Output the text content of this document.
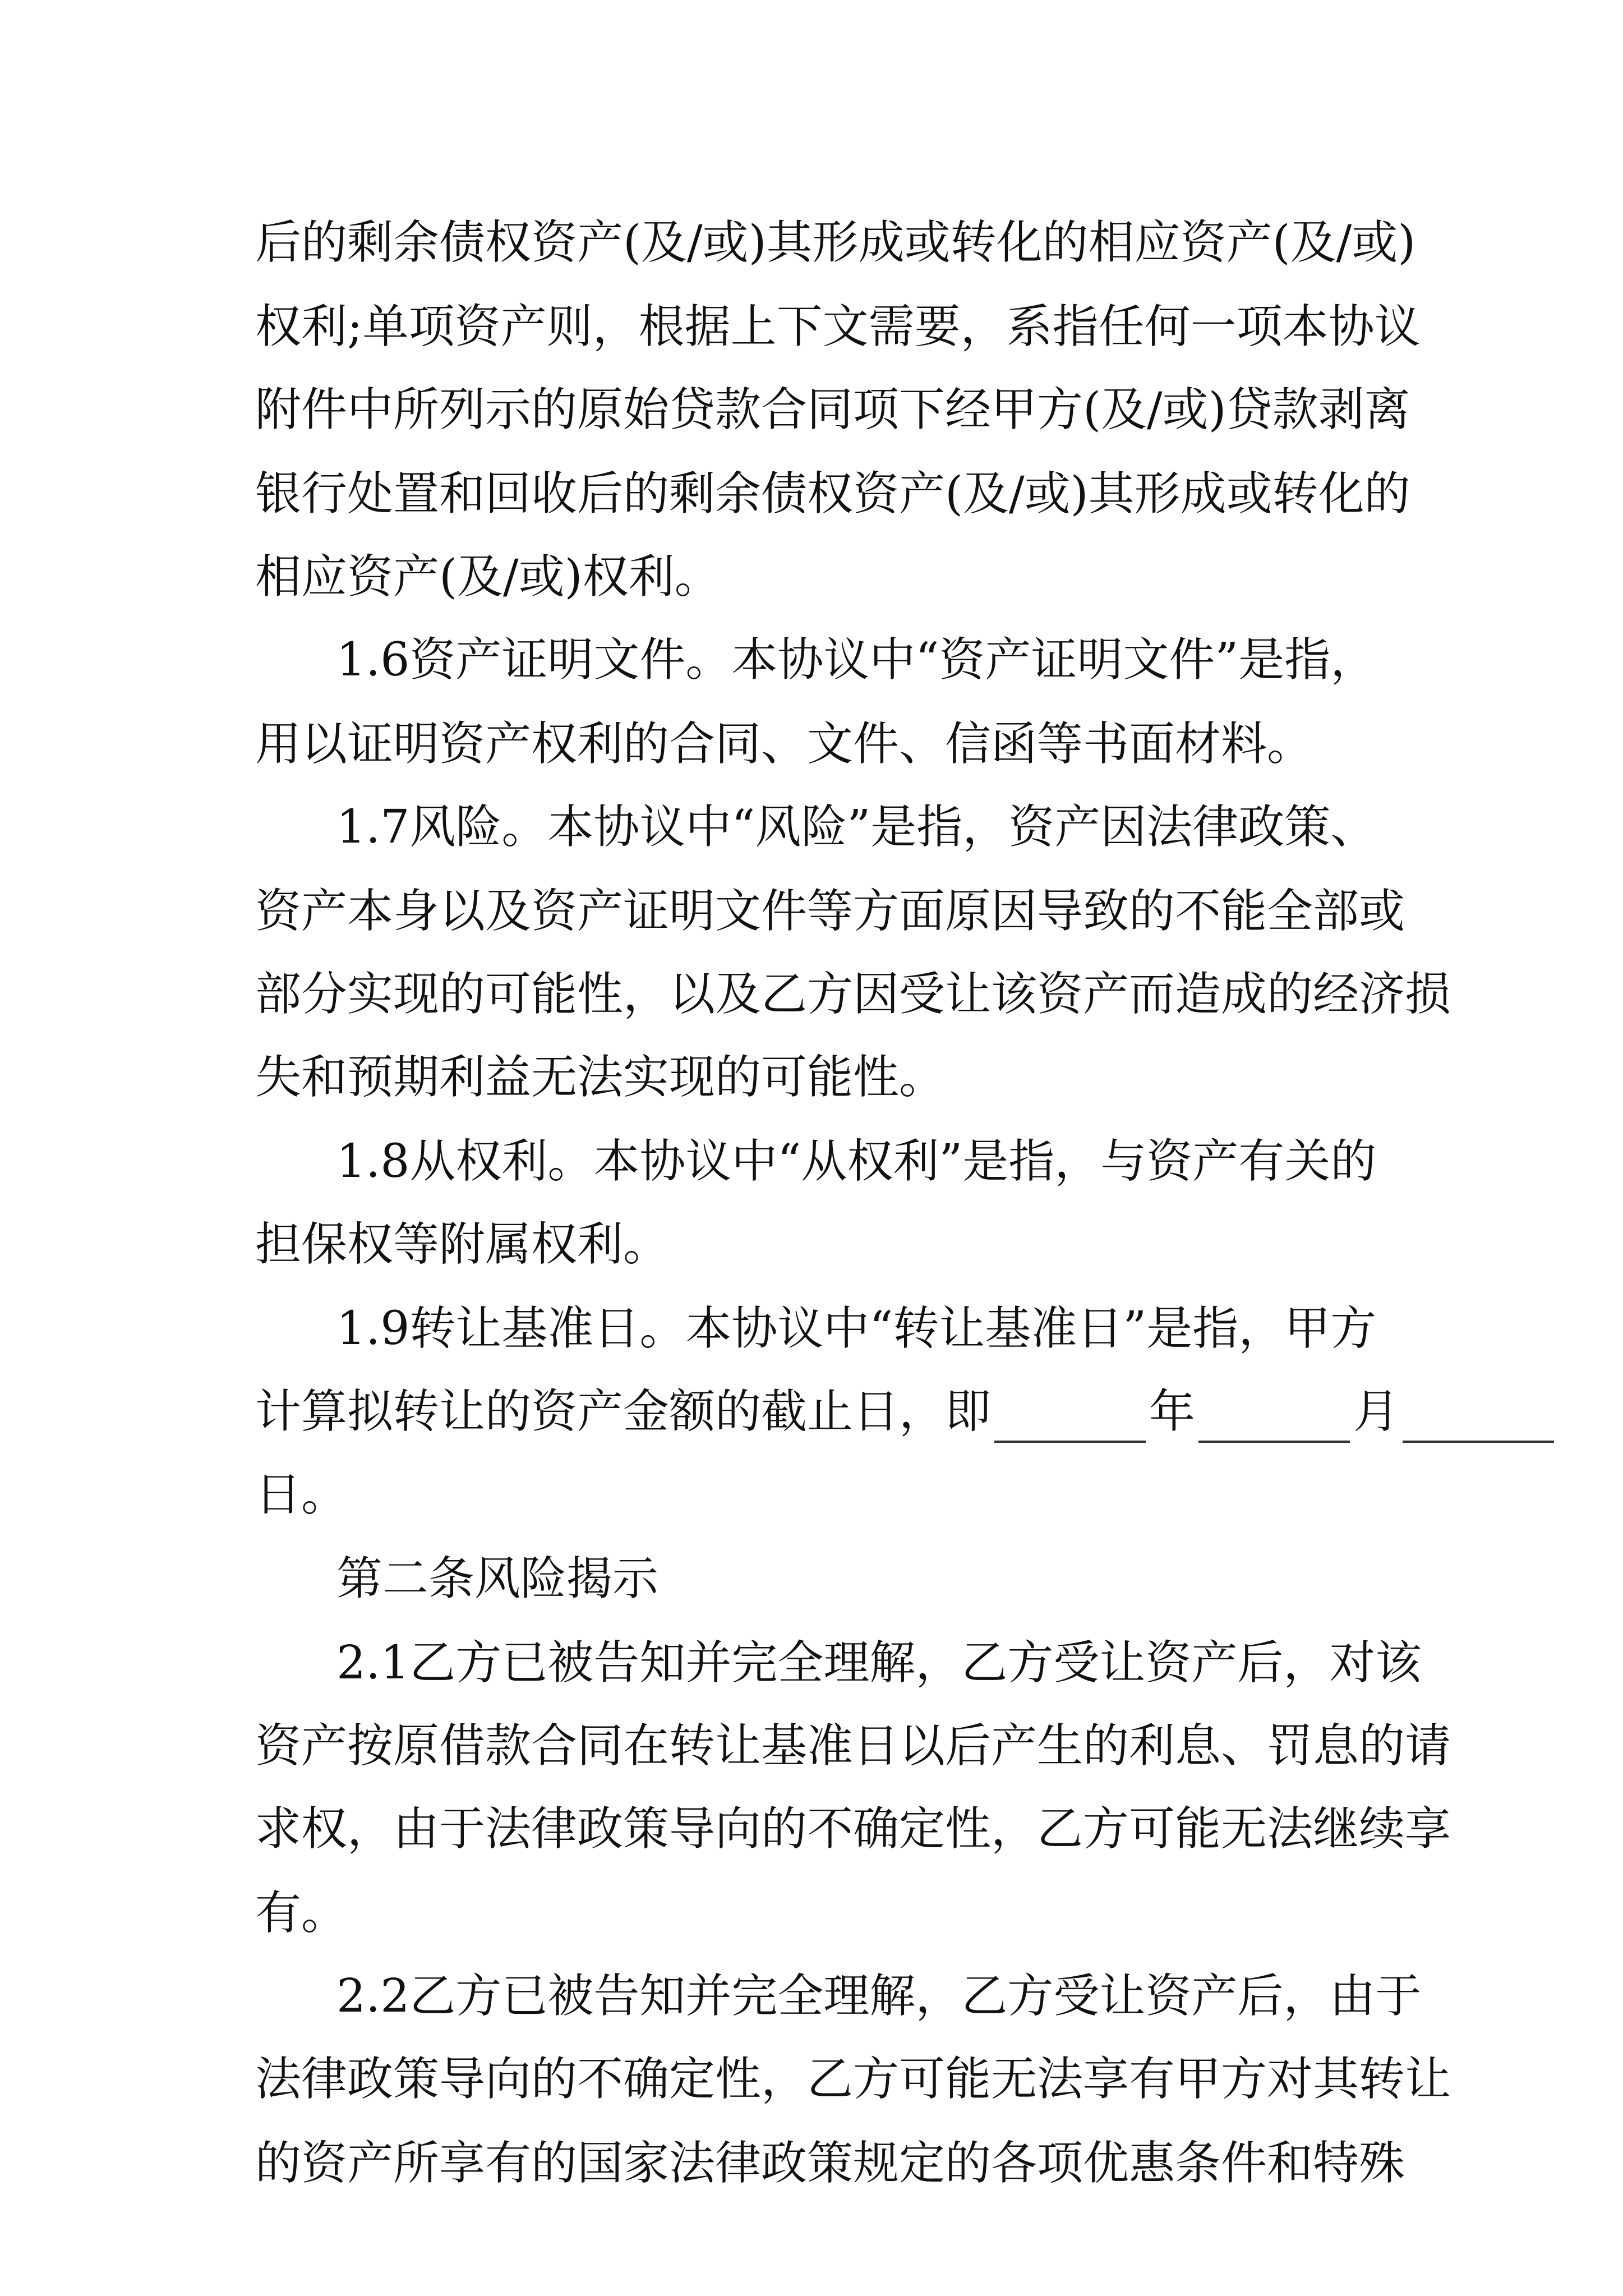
后的剩余债权资产(及/或)其形成或转化的相应资产(及/或)
权利;单项资产则，根据上下文需要，系指任何一项本协议
附件中所列示的原始贷款合同项下经甲方(及/或)贷款剥离
银行处置和回收后的剩余债权资产(及/或)其形成或转化的
相应资产(及/或)权利。
1.6资产证明文件。本协议中“资产证明文件”是指，
用以证明资产权利的合同、文件、信函等书面材料。
1.7风险。本协议中“风险”是指，资产因法律政策、
资产本身以及资产证明文件等方面原因导致的不能全部或
部分实现的可能性，以及乙方因受让该资产而造成的经济损
失和预期利益无法实现的可能性。
1.8从权利。本协议中“从权利”是指，与资产有关的
担保权等附属权利。
1.9转让基准日。本协议中“转让基准日”是指，甲方
计算拟转让的资产金额的截止日，即	年	月
日。
第二条风险揭示
2.1乙方已被告知并完全理解，乙方受让资产后，对该
资产按原借款合同在转让基准日以后产生的利息、罚息的请
求权，由于法律政策导向的不确定性，乙方可能无法继续享
有。
2.2乙方已被告知并完全理解，乙方受让资产后，由于
法律政策导向的不确定性，乙方可能无法享有甲方对其转让
的资产所享有的国家法律政策规定的各项优惠条件和特殊
